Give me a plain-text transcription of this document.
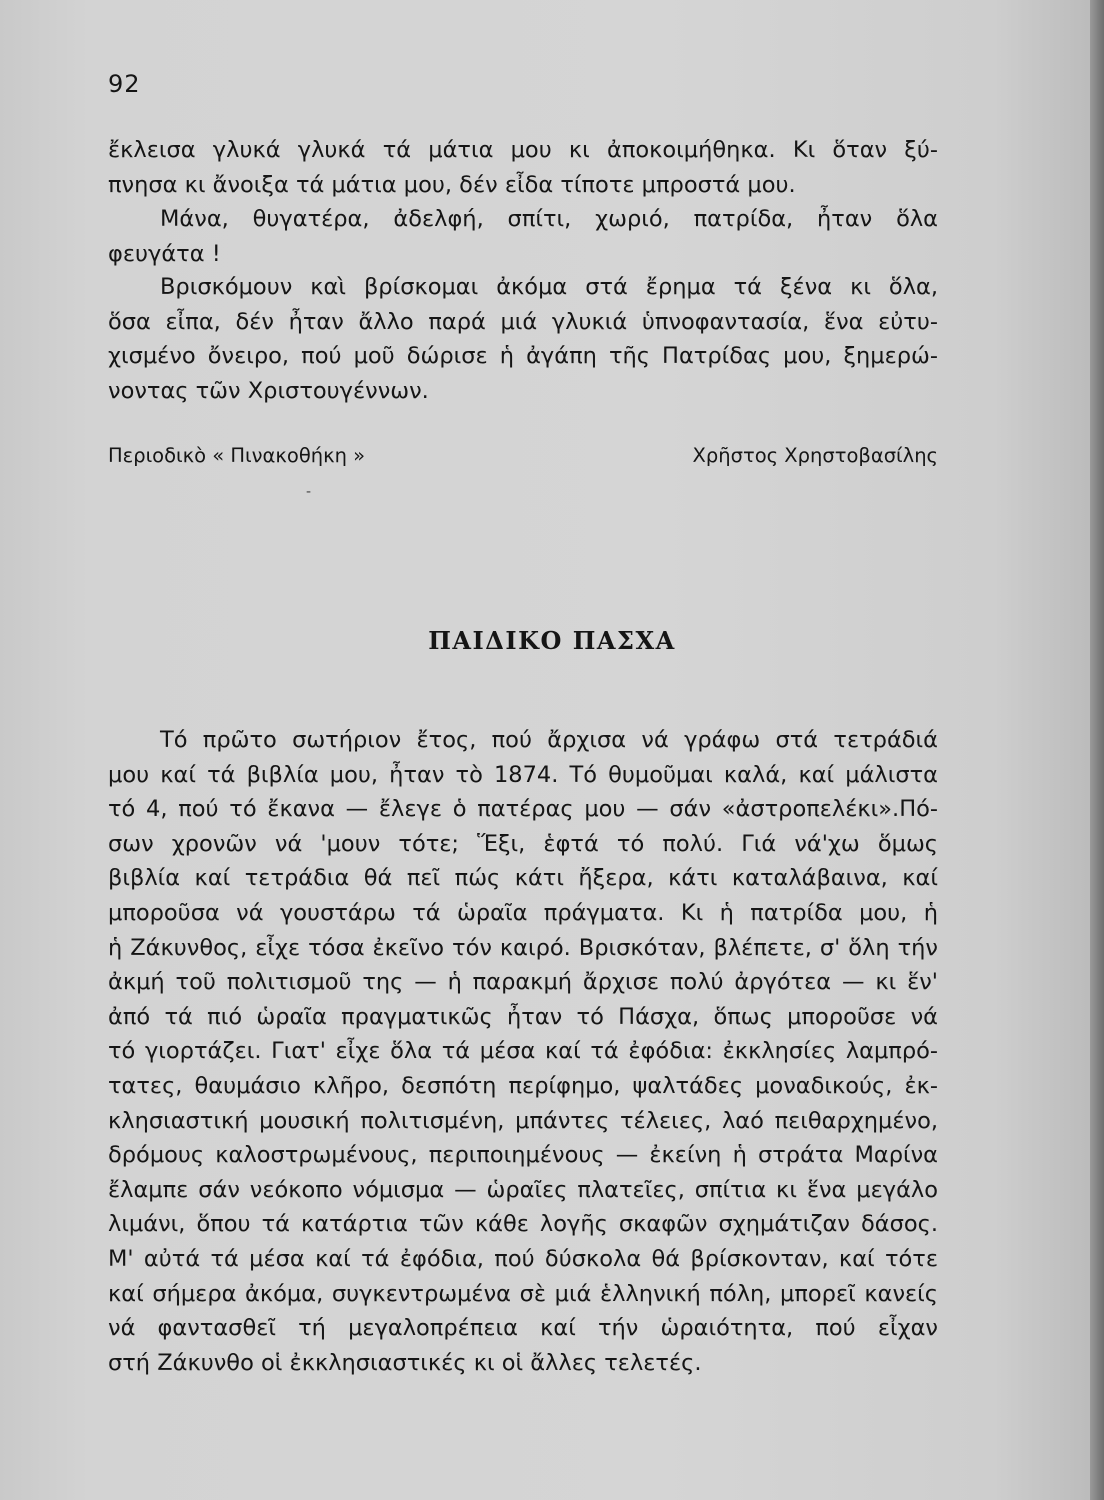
92
ἔκλεισα γλυκά γλυκά τά μάτια μου κι ἀποκοιμήθηκα. Κι ὅταν ξύ-
πνησα κι ἄνοιξα τά μάτια μου, δέν εἶδα τίποτε μπροστά μου.
Μάνα, θυγατέρα, ἀδελφή, σπίτι, χωριό, πατρίδα, ἦταν ὅλα
φευγάτα !
Βρισκόμουν καὶ βρίσκομαι ἀκόμα στά ἔρημα τά ξένα κι ὅλα,
ὅσα εἶπα, δέν ἦταν ἄλλο παρά μιά γλυκιά ὑπνοφαντασία, ἕνα εὐτυ-
χισμένο ὄνειρο, πού μοῦ δώρισε ἡ ἀγάπη τῆς Πατρίδας μου, ξημερώ-
νοντας τῶν Χριστουγέννων.
Περιοδικὸ « Πινακοθήκη »	Χρῆστος Χρηστοβασίλης
-
ΠΑΙΔΙΚΟ ΠΑΣΧΑ
Τό πρῶτο σωτήριον ἔτος, πού ἄρχισα νά γράφω στά τετράδιά
μου καί τά βιβλία μου, ἦταν τὸ 1874. Τό θυμοῦμαι καλά, καί μάλιστα
τό 4, πού τό ἔκανα — ἔλεγε ὁ πατέρας μου — σάν «ἀστροπελέκι».Πό-
σων χρονῶν νά 'μουν τότε; Ἕξι, ἑφτά τό πολύ. Γιά νά'χω ὅμως
βιβλία καί τετράδια θά πεῖ πώς κάτι ἤξερα, κάτι καταλάβαινα, καί
μποροῦσα νά γουστάρω τά ὡραῖα πράγματα. Κι ἡ πατρίδα μου, ἡ
ἡ Ζάκυνθος, εἶχε τόσα ἐκεῖνο τόν καιρό. Βρισκόταν, βλέπετε, σ' ὅλη τήν
ἀκμή τοῦ πολιτισμοῦ της — ἡ παρακμή ἄρχισε πολύ ἀργότεα — κι ἕν'
ἀπό τά πιό ὡραῖα πραγματικῶς ἦταν τό Πάσχα, ὅπως μποροῦσε νά
τό γιορτάζει. Γιατ' εἶχε ὅλα τά μέσα καί τά ἐφόδια: ἐκκλησίες λαμπρό-
τατες, θαυμάσιο κλῆρο, δεσπότη περίφημο, ψαλτάδες μοναδικούς, ἐκ-
κλησιαστική μουσική πολιτισμένη, μπάντες τέλειες, λαό πειθαρχημένο,
δρόμους καλοστρωμένους, περιποιημένους — ἐκείνη ἡ στράτα Μαρίνα
ἔλαμπε σάν νεόκοπο νόμισμα — ὡραῖες πλατεῖες, σπίτια κι ἕνα μεγάλο
λιμάνι, ὅπου τά κατάρτια τῶν κάθε λογῆς σκαφῶν σχημάτιζαν δάσος.
Μ' αὐτά τά μέσα καί τά ἐφόδια, πού δύσκολα θά βρίσκονταν, καί τότε
καί σήμερα ἀκόμα, συγκεντρωμένα σὲ μιά ἑλληνική πόλη, μπορεῖ κανείς
νά φαντασθεῖ τή μεγαλοπρέπεια καί τήν ὡραιότητα, πού εἶχαν
στή Ζάκυνθο οἱ ἐκκλησιαστικές κι οἱ ἄλλες τελετές.
